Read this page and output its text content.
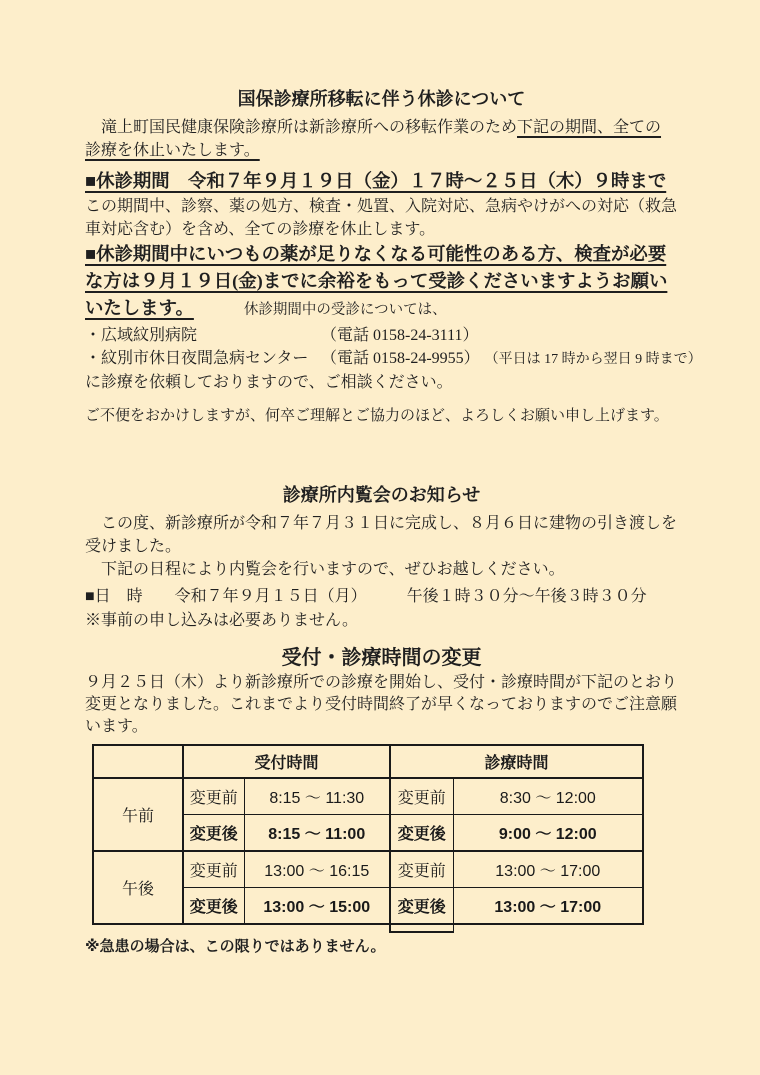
国保診療所移転に伴う休診について
　滝上町国民健康保険診療所は新診療所への移転作業のため下記の期間、全ての
診療を休止いたします。
■休診期間　令和７年９月１９日（金）１７時～２５日（木）９時まで
この期間中、診察、薬の処方、検査・処置、入院対応、急病やけがへの対応（救急
車対応含む）を含め、全ての診療を休止します。
■休診期間中にいつもの薬が足りなくなる可能性のある方、検査が必要
な方は９月１９日(金)までに余裕をもって受診くださいますようお願い
いたします。	休診期間中の受診については、
・広域紋別病院	（電話 0158-24-3111）
・紋別市休日夜間急病センター （電話 0158-24-9955） （平日は 17 時から翌日 9 時まで）
に診療を依頼しておりますので、ご相談ください。
ご不便をおかけしますが、何卒ご理解とご協力のほど、よろしくお願い申し上げます。
診療所内覧会のお知らせ
　この度、新診療所が令和７年７月３１日に完成し、８月６日に建物の引き渡しを
受けました。
　下記の日程により内覧会を行いますので、ぜひお越しください。
■日　時　　令和７年９月１５日（月）　　　午後１時３０分～午後３時３０分
※事前の申し込みは必要ありません。
受付・診療時間の変更
９月２５日（木）より新診療所での診療を開始し、受付・診療時間が下記のとおり
変更となりました。これまでより受付時間終了が早くなっておりますのでご注意願
います。
	受付時間		診療時間	
午前	変更前	8:15 ～ 11:30	変更前	8:30 ～ 12:00
	変更後	8:15 ～ 11:00	変更後	9:00 ～ 12:00
午後	変更前	13:00 ～ 16:15	変更前	13:00 ～ 17:00
	変更後	13:00 ～ 15:00	変更後	13:00 ～ 17:00
※急患の場合は、この限りではありません。
